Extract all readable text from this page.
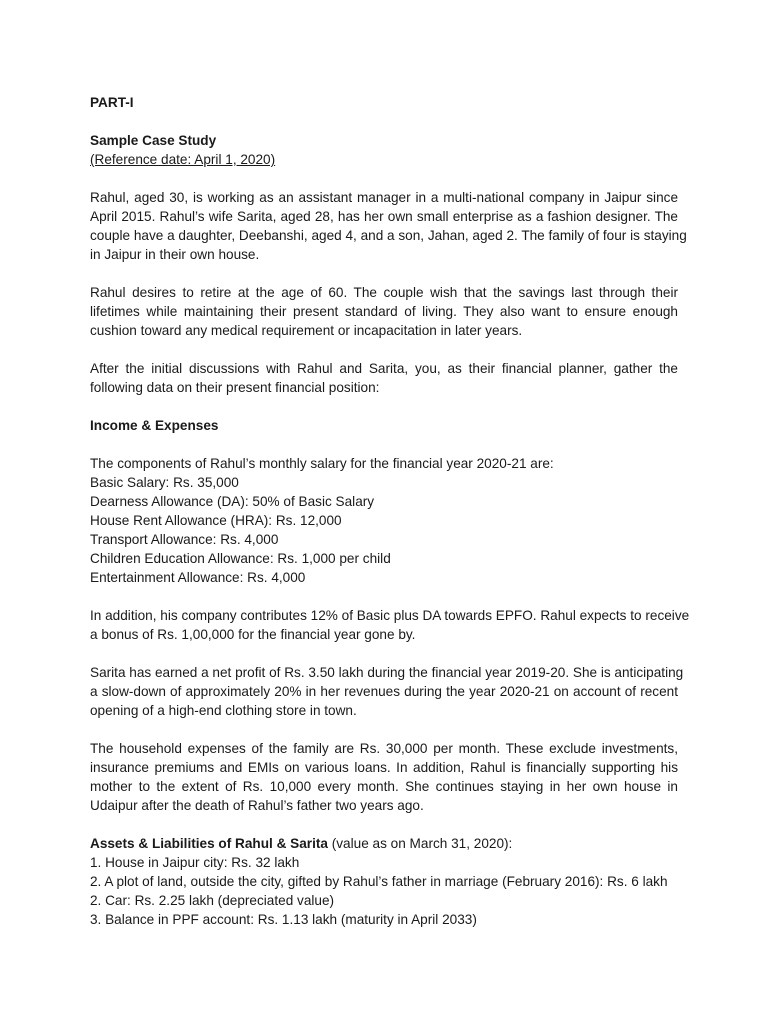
PART-I
Sample Case Study
(Reference date: April 1, 2020)
Rahul, aged 30, is working as an assistant manager in a multi-national company in Jaipur since
April 2015. Rahul’s wife Sarita, aged 28, has her own small enterprise as a fashion designer. The
couple have a daughter, Deebanshi, aged 4, and a son, Jahan, aged 2. The family of four is staying
in Jaipur in their own house.
Rahul desires to retire at the age of 60. The couple wish that the savings last through their
lifetimes while maintaining their present standard of living. They also want to ensure enough
cushion toward any medical requirement or incapacitation in later years.
After the initial discussions with Rahul and Sarita, you, as their financial planner, gather the
following data on their present financial position:
Income & Expenses
The components of Rahul’s monthly salary for the financial year 2020-21 are:
Basic Salary: Rs. 35,000
Dearness Allowance (DA): 50% of Basic Salary
House Rent Allowance (HRA): Rs. 12,000
Transport Allowance: Rs. 4,000
Children Education Allowance: Rs. 1,000 per child
Entertainment Allowance: Rs. 4,000
In addition, his company contributes 12% of Basic plus DA towards EPFO. Rahul expects to receive
a bonus of Rs. 1,00,000 for the financial year gone by.
Sarita has earned a net profit of Rs. 3.50 lakh during the financial year 2019-20. She is anticipating
a slow-down of approximately 20% in her revenues during the year 2020-21 on account of recent
opening of a high-end clothing store in town.
The household expenses of the family are Rs. 30,000 per month. These exclude investments,
insurance premiums and EMIs on various loans. In addition, Rahul is financially supporting his
mother to the extent of Rs. 10,000 every month. She continues staying in her own house in
Udaipur after the death of Rahul’s father two years ago.
Assets & Liabilities of Rahul & Sarita (value as on March 31, 2020):
1. House in Jaipur city: Rs. 32 lakh
2. A plot of land, outside the city, gifted by Rahul’s father in marriage (February 2016): Rs. 6 lakh
2. Car: Rs. 2.25 lakh (depreciated value)
3. Balance in PPF account: Rs. 1.13 lakh (maturity in April 2033)
